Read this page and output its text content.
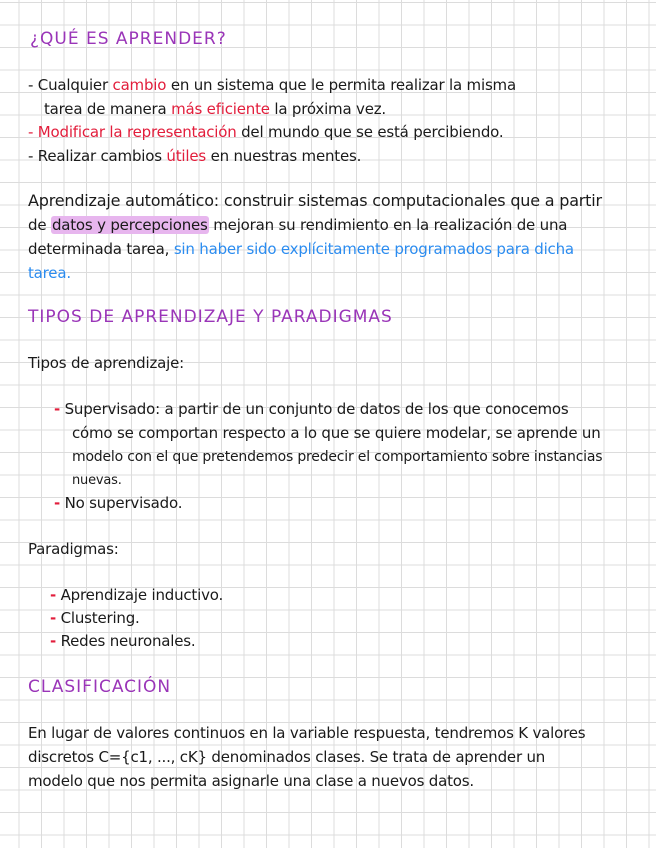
¿QUÉ ES APRENDER?
- Cualquier cambio en un sistema que le permita realizar la misma
tarea de manera más eficiente la próxima vez.
- Modificar la representación del mundo que se está percibiendo.
- Realizar cambios útiles en nuestras mentes.
Aprendizaje automático: construir sistemas computacionales que a partir
de datos y percepciones mejoran su rendimiento en la realización de una
determinada tarea, sin haber sido explícitamente programados para dicha
tarea.
TIPOS DE APRENDIZAJE Y PARADIGMAS
Tipos de aprendizaje:
- Supervisado: a partir de un conjunto de datos de los que conocemos
cómo se comportan respecto a lo que se quiere modelar, se aprende un
modelo con el que pretendemos predecir el comportamiento sobre instancias
nuevas.
- No supervisado.
Paradigmas:
- Aprendizaje inductivo.
- Clustering.
- Redes neuronales.
CLASIFICACIÓN
En lugar de valores continuos en la variable respuesta, tendremos K valores
discretos C={c1, ..., cK} denominados clases. Se trata de aprender un
modelo que nos permita asignarle una clase a nuevos datos.
